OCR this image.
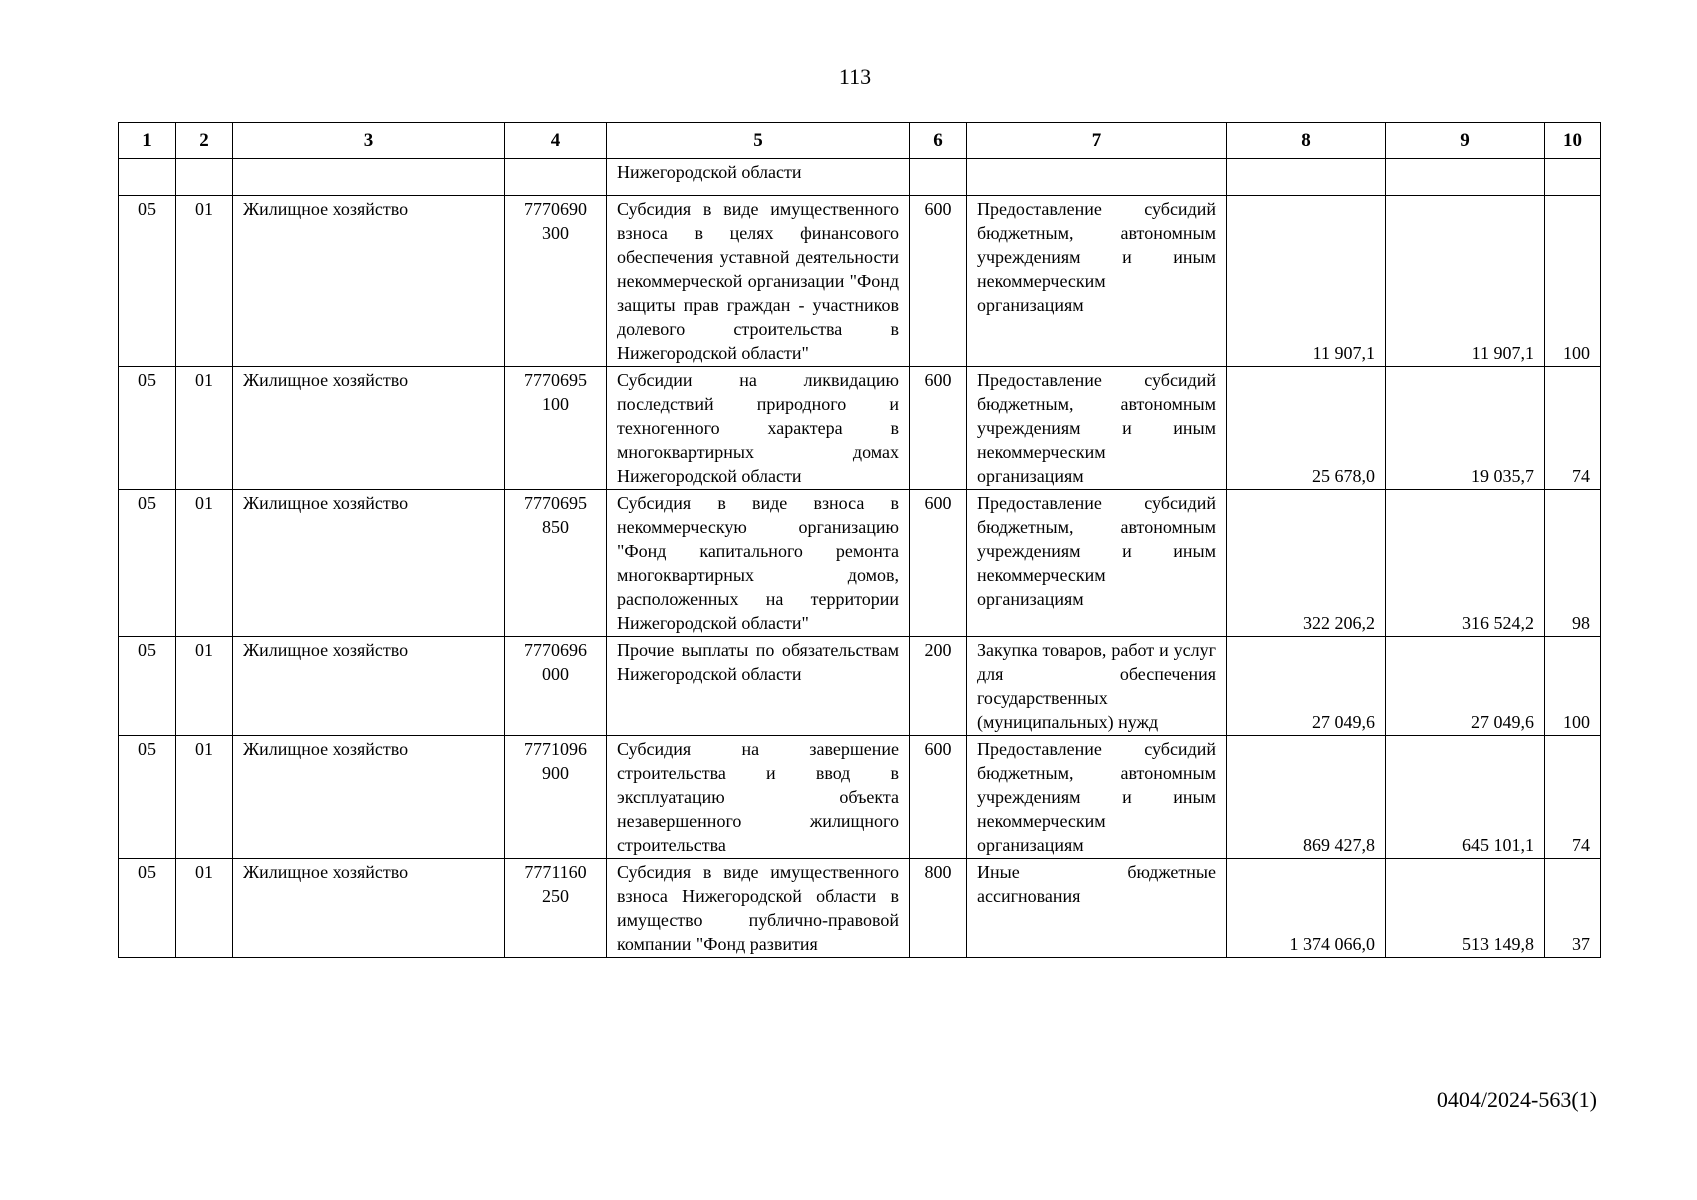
113
1	2	3	4	5	6	7	8	9	10
				Нижегородской области					
05	01	Жилищное хозяйство	7770690 300	Субсидия в виде имущественного взноса в целях финансового обеспечения уставной деятельности некоммерческой организации "Фонд защиты прав граждан - участников долевого строительства в Нижегородской области"	600	Предоставление субсидий бюджетным, автономным учреждениям и иным некоммерческим организациям	11 907,1	11 907,1	100
05	01	Жилищное хозяйство	7770695 100	Субсидии на ликвидацию последствий природного и техногенного характера в многоквартирных домах Нижегородской области	600	Предоставление субсидий бюджетным, автономным учреждениям и иным некоммерческим организациям	25 678,0	19 035,7	74
05	01	Жилищное хозяйство	7770695 850	Субсидия в виде взноса в некоммерческую организацию "Фонд капитального ремонта многоквартирных домов, расположенных на территории Нижегородской области"	600	Предоставление субсидий бюджетным, автономным учреждениям и иным некоммерческим организациям	322 206,2	316 524,2	98
05	01	Жилищное хозяйство	7770696 000	Прочие выплаты по обязательствам Нижегородской области	200	Закупка товаров, работ и услуг для обеспечения государственных (муниципальных) нужд	27 049,6	27 049,6	100
05	01	Жилищное хозяйство	7771096 900	Субсидия на завершение строительства и ввод в эксплуатацию объекта незавершенного жилищного строительства	600	Предоставление субсидий бюджетным, автономным учреждениям и иным некоммерческим организациям	869 427,8	645 101,1	74
05	01	Жилищное хозяйство	7771160 250	Субсидия в виде имущественного взноса Нижегородской области в имущество публично-правовой компании "Фонд развития	800	Иные бюджетные ассигнования	1 374 066,0	513 149,8	37
0404/2024-563(1)
